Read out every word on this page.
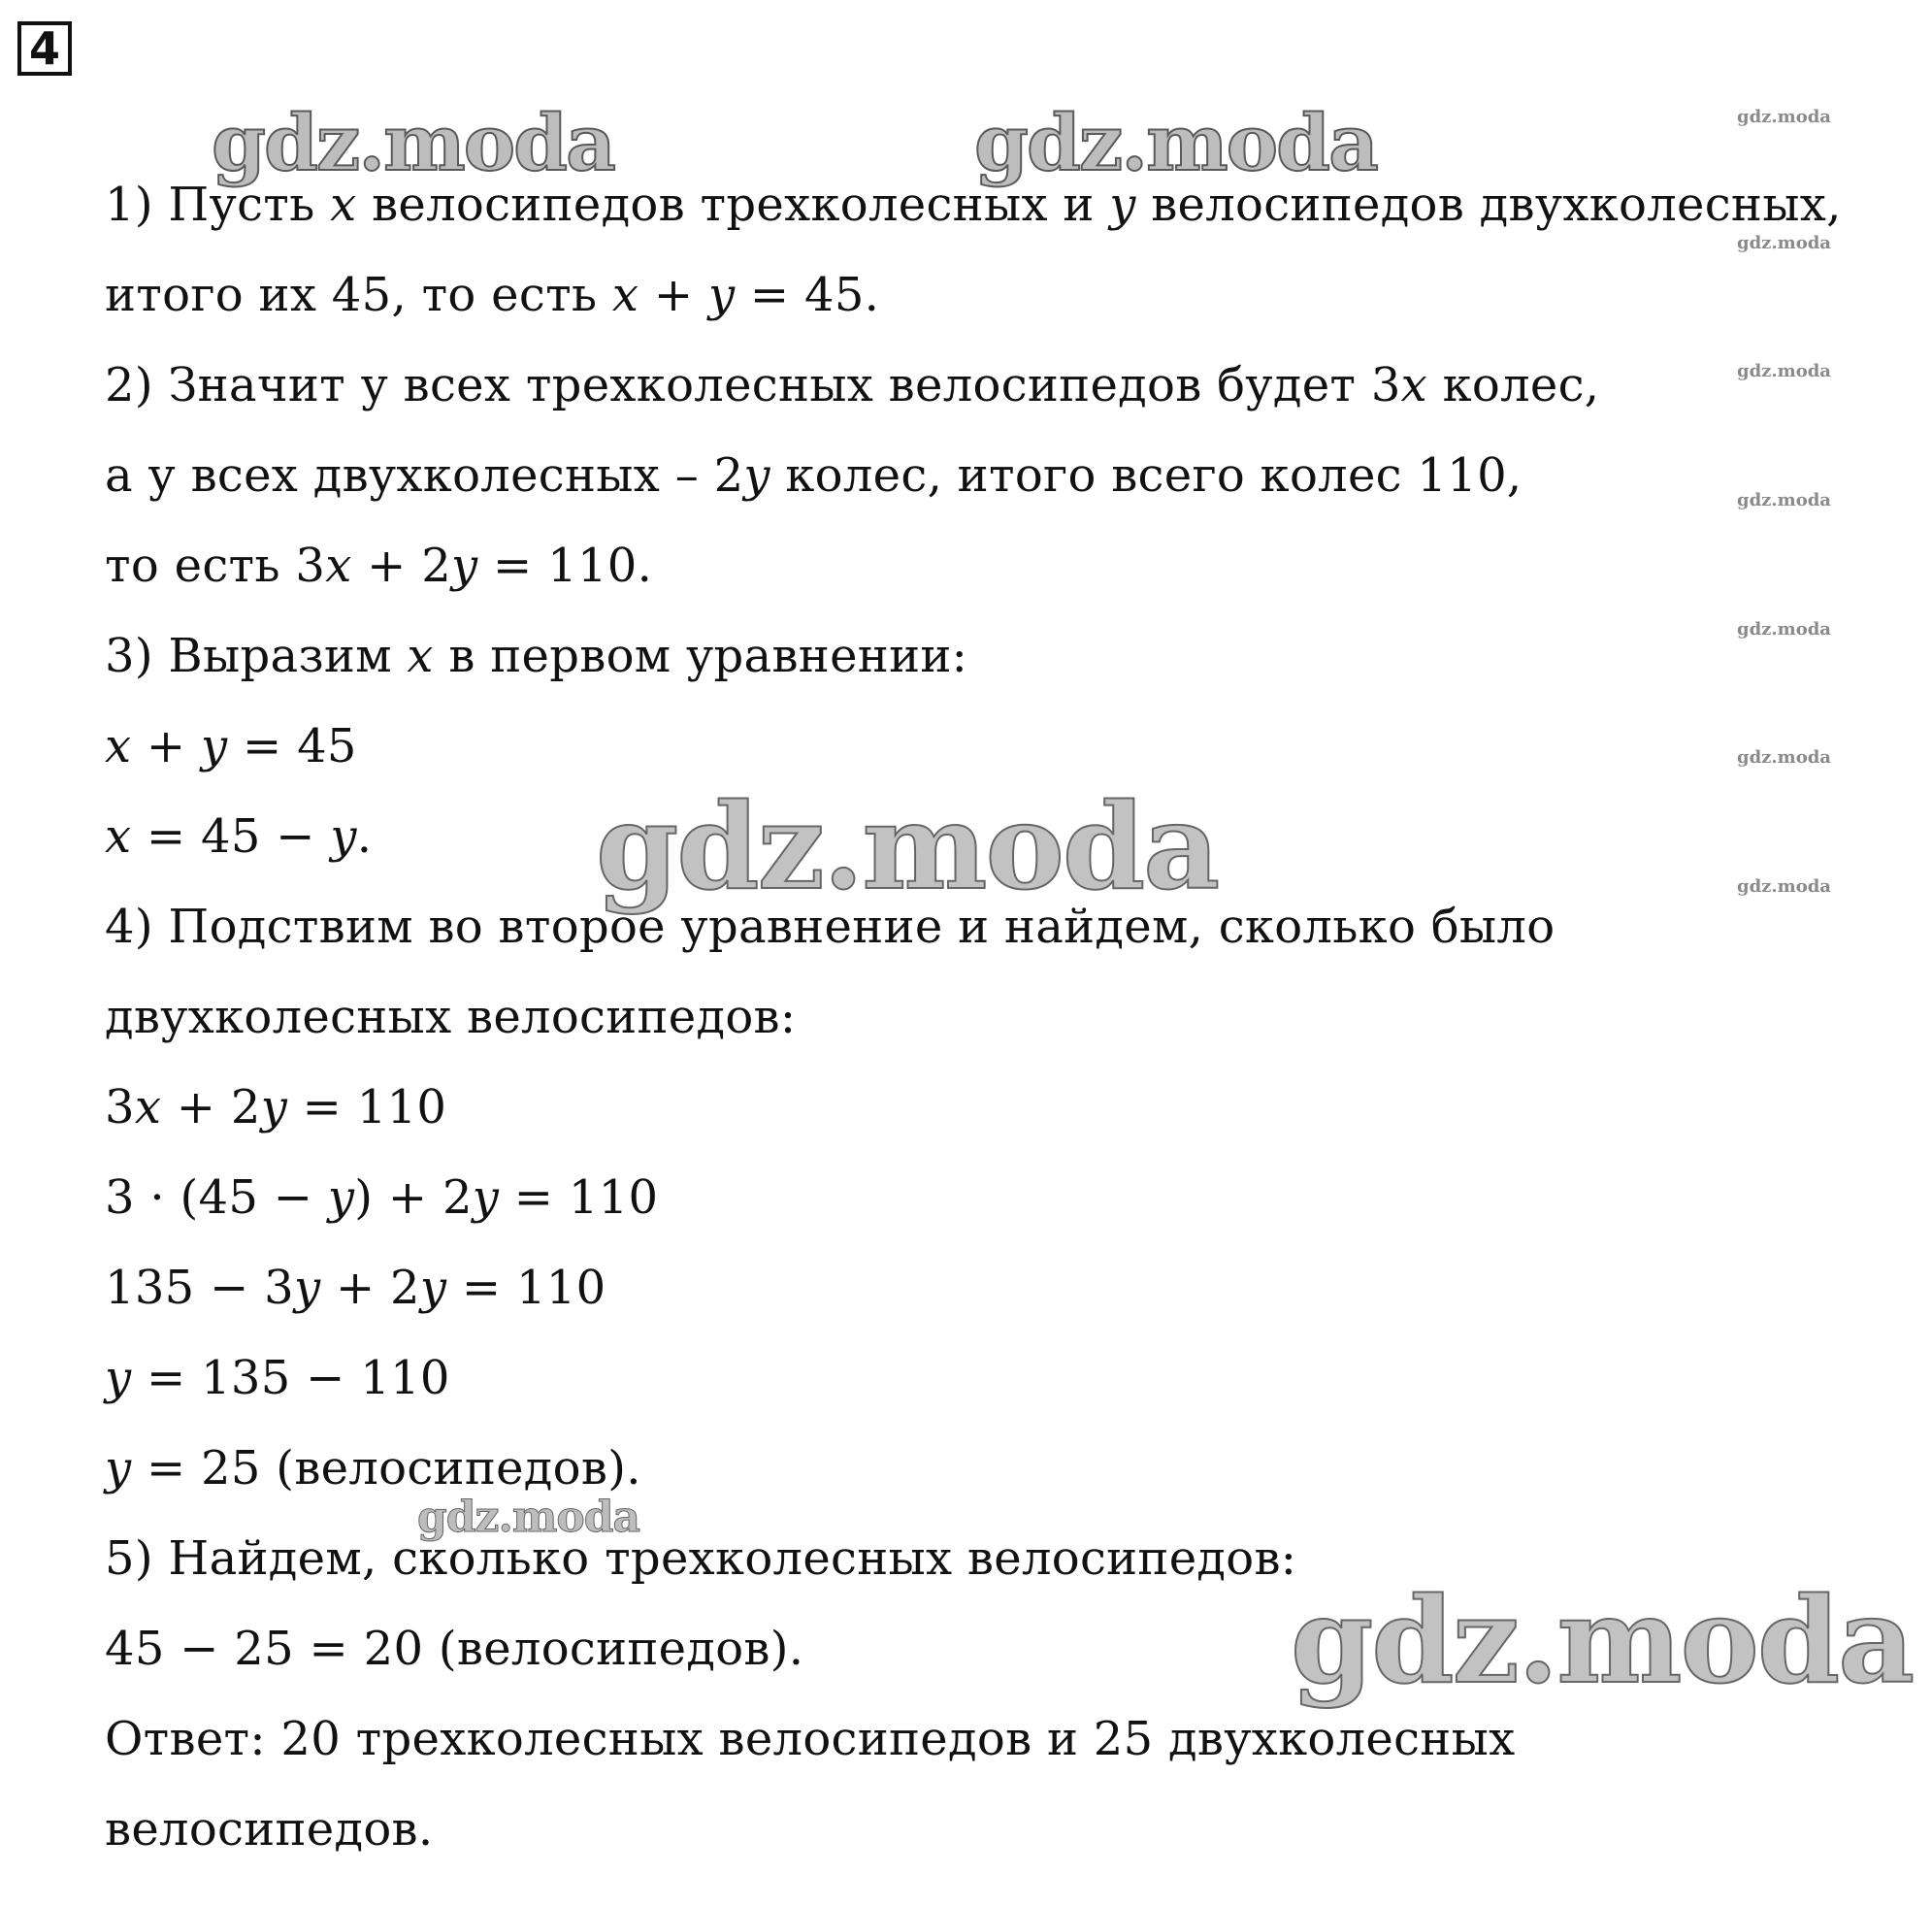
4
1) Пусть x велосипедов трехколесных и y велосипедов двухколесных,
итого их 45, то есть x + y = 45.
2) Значит у всех трехколесных велосипедов будет 3x колес,
а у всех двухколесных – 2y колес, итого всего колес 110,
то есть 3x + 2y = 110.
3) Выразим x в первом уравнении:
x + y = 45
x = 45 − y.
4) Подствим во второе уравнение и найдем, сколько было
двухколесных велосипедов:
3x + 2y = 110
3 · (45 − y) + 2y = 110
135 − 3y + 2y = 110
y = 135 − 110
y = 25 (велосипедов).
5) Найдем, сколько трехколесных велосипедов:
45 − 25 = 20 (велосипедов).
Ответ: 20 трехколесных велосипедов и 25 двухколесных
велосипедов.
gdz.moda	gdz.moda
gdz.moda
gdz.moda
gdz.moda
gdz.moda
gdz.moda
gdz.moda
gdz.moda
gdz.moda
gdz.moda
gdz.moda
